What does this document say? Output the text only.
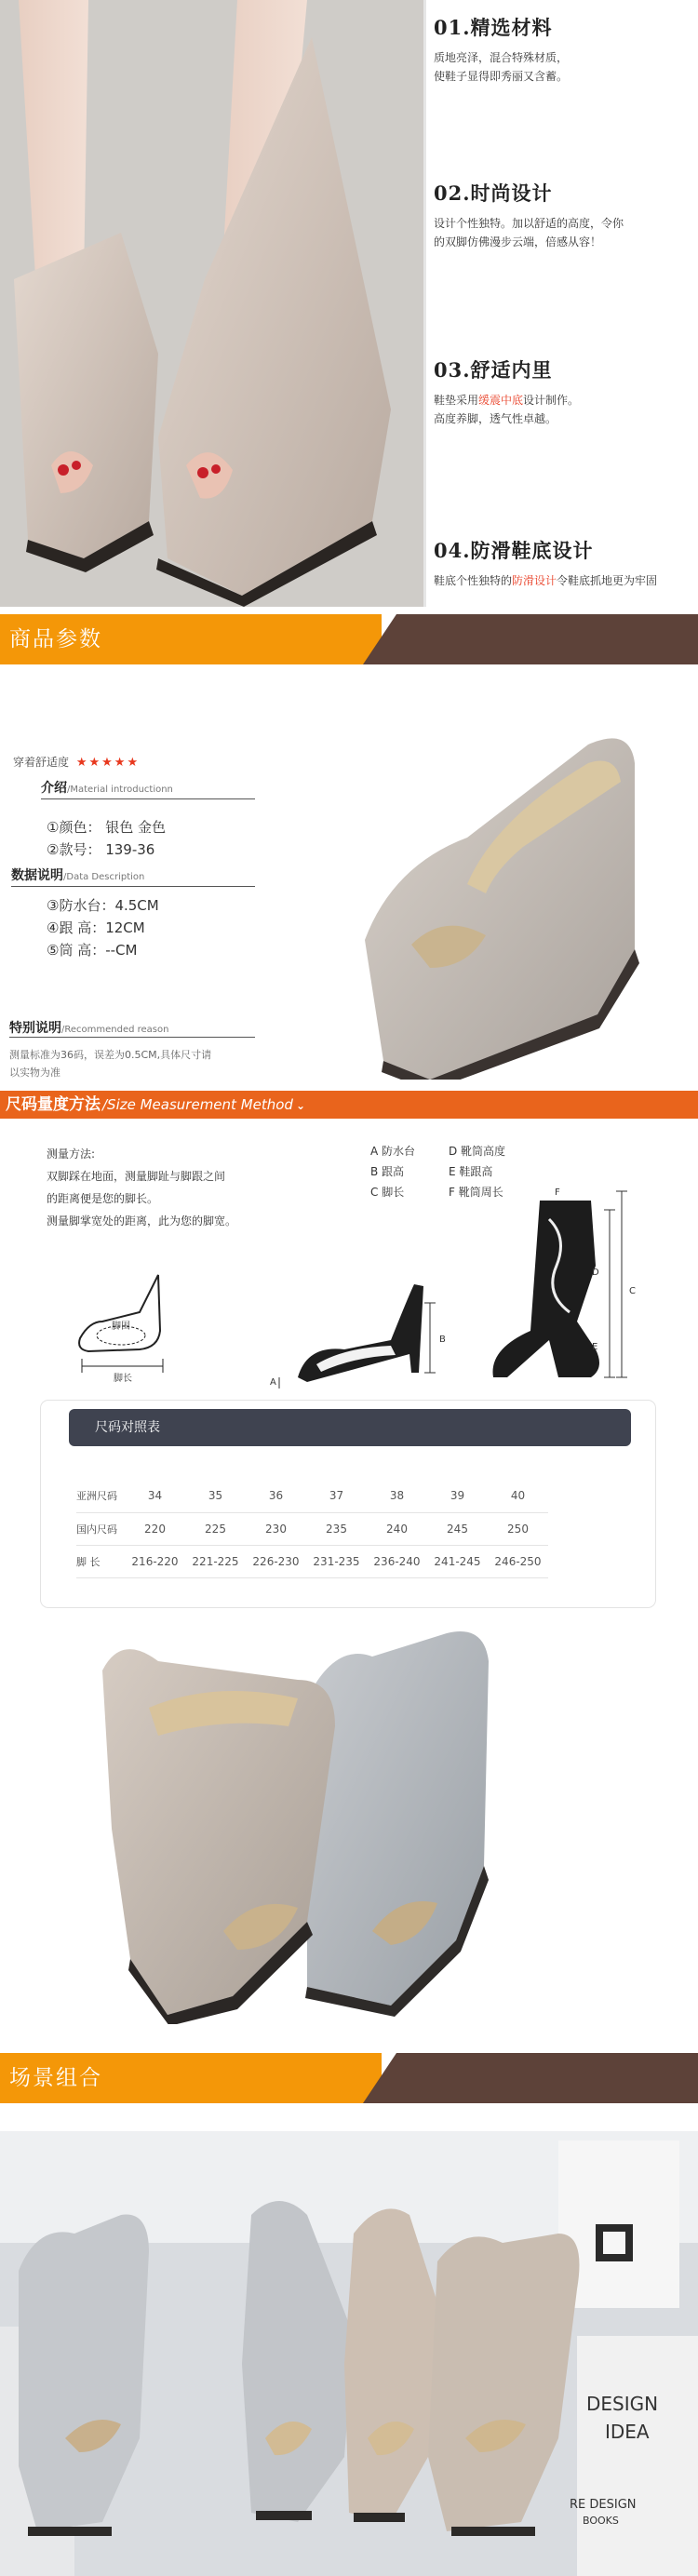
01.精选材料

质地亮泽，混合特殊材质，
使鞋子显得即秀丽又含蓄。

02.时尚设计

设计个性独特。加以舒适的高度，令你
的双脚仿佛漫步云端，倍感从容！

03.舒适内里

鞋垫采用缓震中底设计制作。
高度养脚，透气性卓越。

04.防滑鞋底设计

鞋底个性独特的防滑设计令鞋底抓地更为牢固

商品参数
穿着舒适度 ★★★★★
介绍/Material introductionn
①颜色： 银色 金色
②款号： 139-36
数据说明/Data Description
③防水台：4.5CM
④跟 高：12CM
⑤筒 高：--CM
特别说明/Recommended reason
测量标准为36码，误差为0.5CM,具体尺寸请
以实物为准
尺码量度方法 /Size Measurement Method ⌄
测量方法:
双脚踩在地面，测量脚趾与脚跟之间
的距离便是您的脚长。
测量脚掌宽处的距离，此为您的脚宽。
A 防水台
B 跟高
C 脚长
D 靴筒高度
E 鞋跟高
F 靴筒周长
脚围
脚长	A
B
F
D
E
C
尺码对照表
亚洲尺码	34	35	36	37	38	39	40
国内尺码	220	225	230	235	240	245	250
脚 长	216-220	221-225	226-230	231-235	236-240	241-245	246-250
场景组合
DESIGN
IDEA
RE DESIGN
BOOKS
